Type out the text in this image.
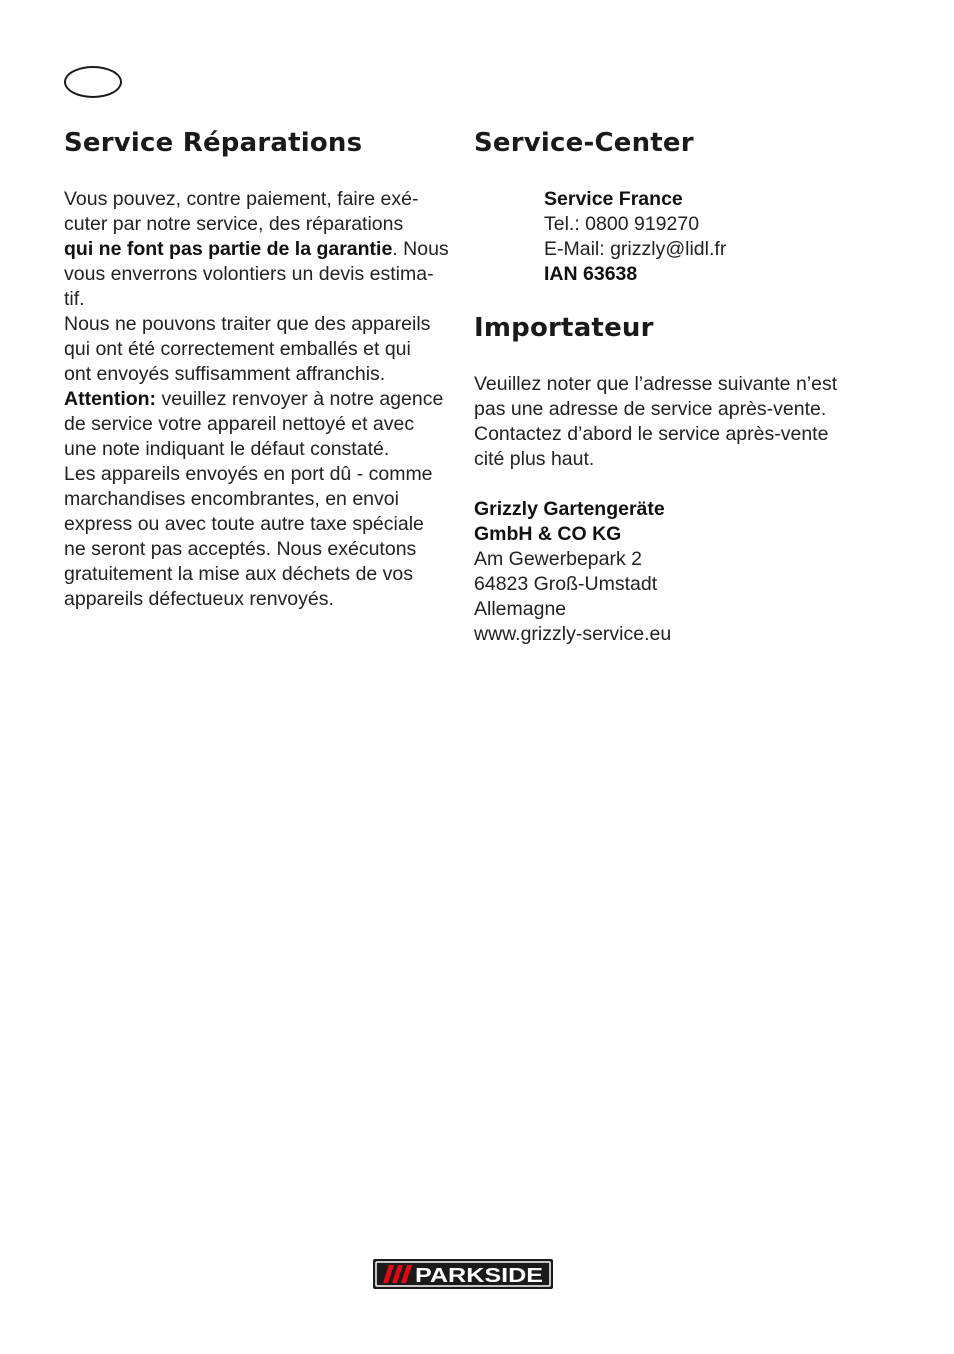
Service Réparations
Vous pouvez, contre paiement, faire exé-
cuter par notre service, des réparations
qui ne font pas partie de la garantie. Nous
vous enverrons volontiers un devis estima-
tif.
Nous ne pouvons traiter que des appareils
qui ont été correctement emballés et qui
ont envoyés suffisamment affranchis.
Attention: veuillez renvoyer à notre agence
de service votre appareil nettoyé et avec
une note indiquant le défaut constaté.
Les appareils envoyés en port dû - comme
marchandises encombrantes, en envoi
express ou avec toute autre taxe spéciale
ne seront pas acceptés. Nous exécutons
gratuitement la mise aux déchets de vos
appareils défectueux renvoyés.
Service-Center
Service France
Tel.: 0800 919270
E-Mail: grizzly@lidl.fr
IAN 63638
Importateur
Veuillez noter que l’adresse suivante n’est
pas une adresse de service après-vente.
Contactez d’abord le service après-vente
cité plus haut.
Grizzly Gartengeräte
GmbH & CO KG
Am Gewerbepark 2
64823 Groß-Umstadt
Allemagne
www.grizzly-service.eu
PARKSIDE
